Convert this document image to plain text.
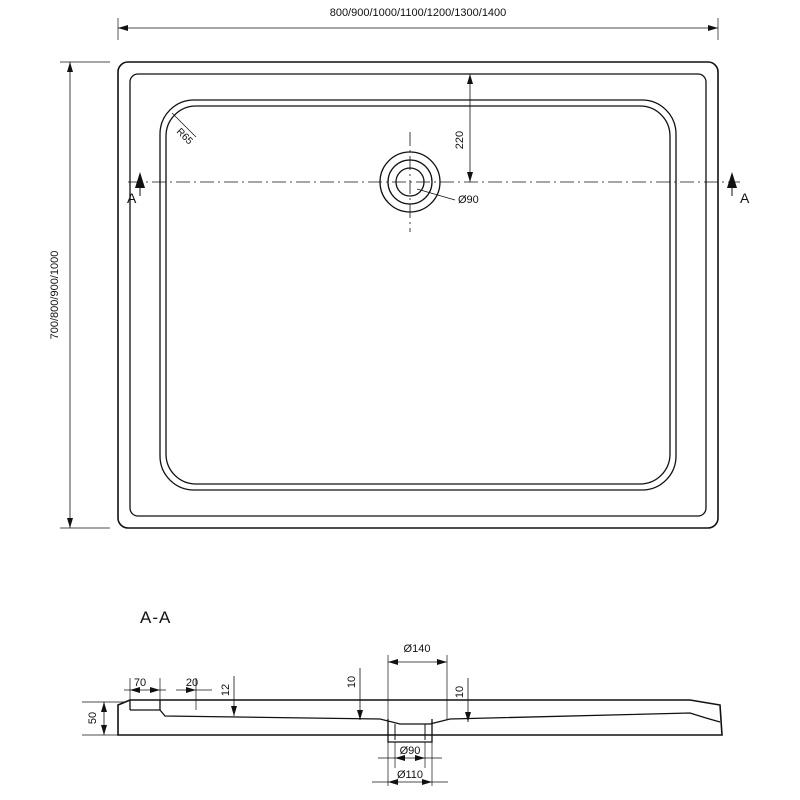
800/900/1000/1100/1200/1300/1400
700/800/900/1000
R65
A	A
Ø90
220
A-A
Ø140
70	20
12
10
10
50
Ø90
Ø110
